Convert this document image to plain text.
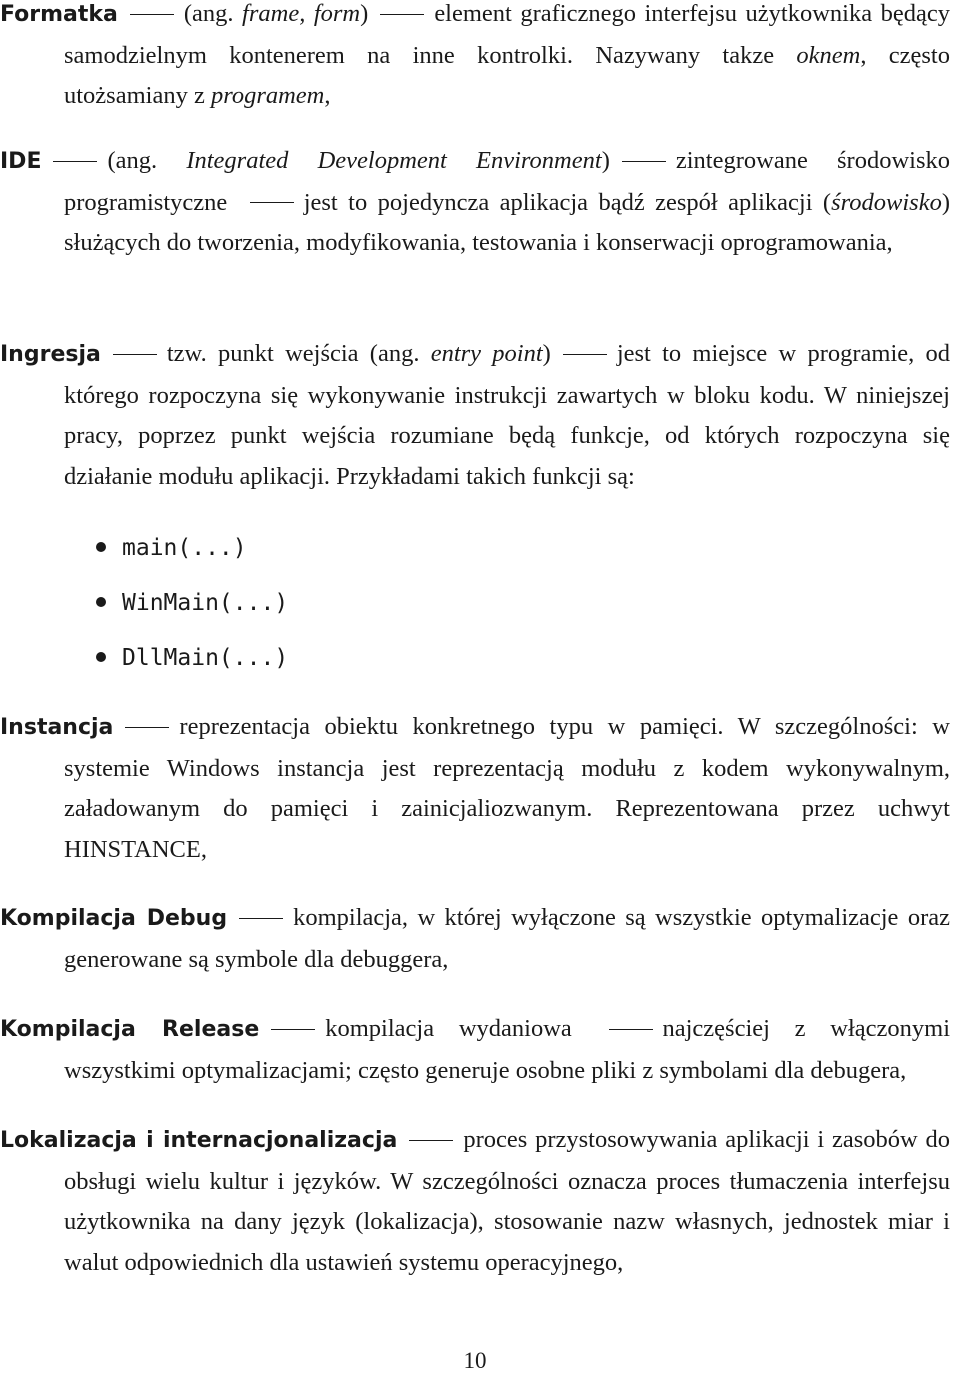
Formatka	(ang. frame, form)	element graficznego interfejsu użytkownika będący samodzielnym kontenerem na inne kontrolki. Nazywany takze oknem, często utożsamiany z programem,

IDE	(ang. Integrated Development Environment)	zintegrowane środowisko programistyczne	jest to pojedyncza aplikacja bądź zespół aplikacji (środowisko) służących do tworzenia, modyfikowania, testowania i konserwacji oprogramowania,

Ingresja	tzw. punkt wejścia (ang. entry point)	jest to miejsce w programie, od którego rozpoczyna się wykonywanie instrukcji zawartych w bloku kodu. W niniejszej pracy, poprzez punkt wejścia rozumiane będą funkcje, od których rozpoczyna się działanie modułu aplikacji. Przykładami takich funkcji są:

main(...)
WinMain(...)
DllMain(...)

Instancja	reprezentacja obiektu konkretnego typu w pamięci. W szczególności: w systemie Windows instancja jest reprezentacją modułu z kodem wykonywalnym, załadowanym do pamięci i zainicjaliozwanym. Reprezentowana przez uchwyt HINSTANCE,

Kompilacja Debug	kompilacja, w której wyłączone są wszystkie optymalizacje oraz generowane są symbole dla debuggera,

Kompilacja Release	kompilacja wydaniowa	najczęściej z włączonymi wszystkimi optymalizacjami; często generuje osobne pliki z symbolami dla debugera,

Lokalizacja i internacjonalizacja	proces przystosowywania aplikacji i zasobów do obsługi wielu kultur i języków. W szczególności oznacza proces tłumaczenia interfejsu użytkownika na dany język (lokalizacja), stosowanie nazw własnych, jednostek miar i walut odpowiednich dla ustawień systemu operacyjnego,

10
